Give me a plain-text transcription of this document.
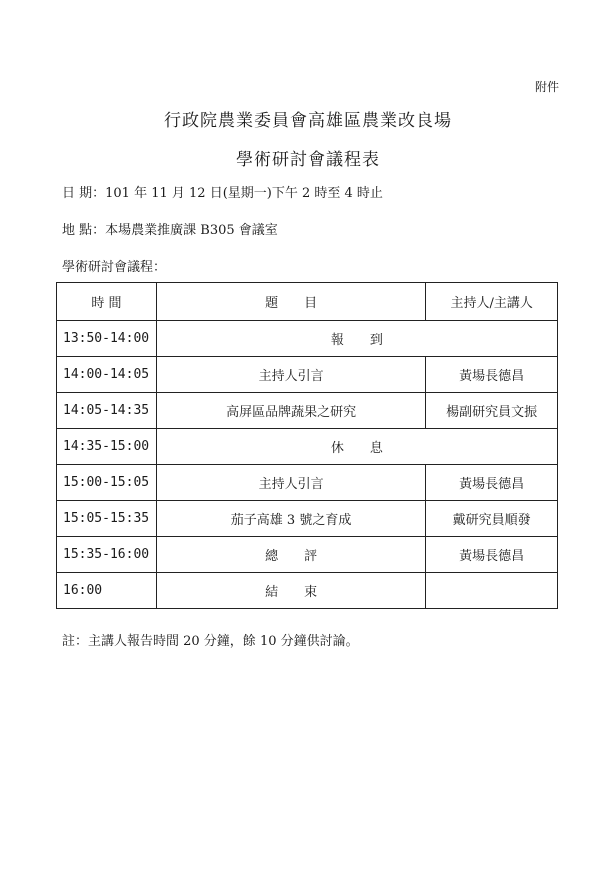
附件
行政院農業委員會高雄區農業改良場
學術研討會議程表
日 期：101 年 11 月 12 日(星期一)下午 2 時至 4 時止
地 點：本場農業推廣課 B305 會議室
學術研討會議程：
時 間	題　　目	主持人/主講人
13:50-14:00	報　　到	
14:00-14:05	主持人引言	黃場長德昌
14:05-14:35	高屏區品牌蔬果之研究	楊副研究員文振
14:35-15:00	休　　息	
15:00-15:05	主持人引言	黃場長德昌
15:05-15:35	茄子高雄 3 號之育成	戴研究員順發
15:35-16:00	總　　評	黃場長德昌
16:00	結　　束	
註：主講人報告時間 20 分鐘，餘 10 分鐘供討論。
